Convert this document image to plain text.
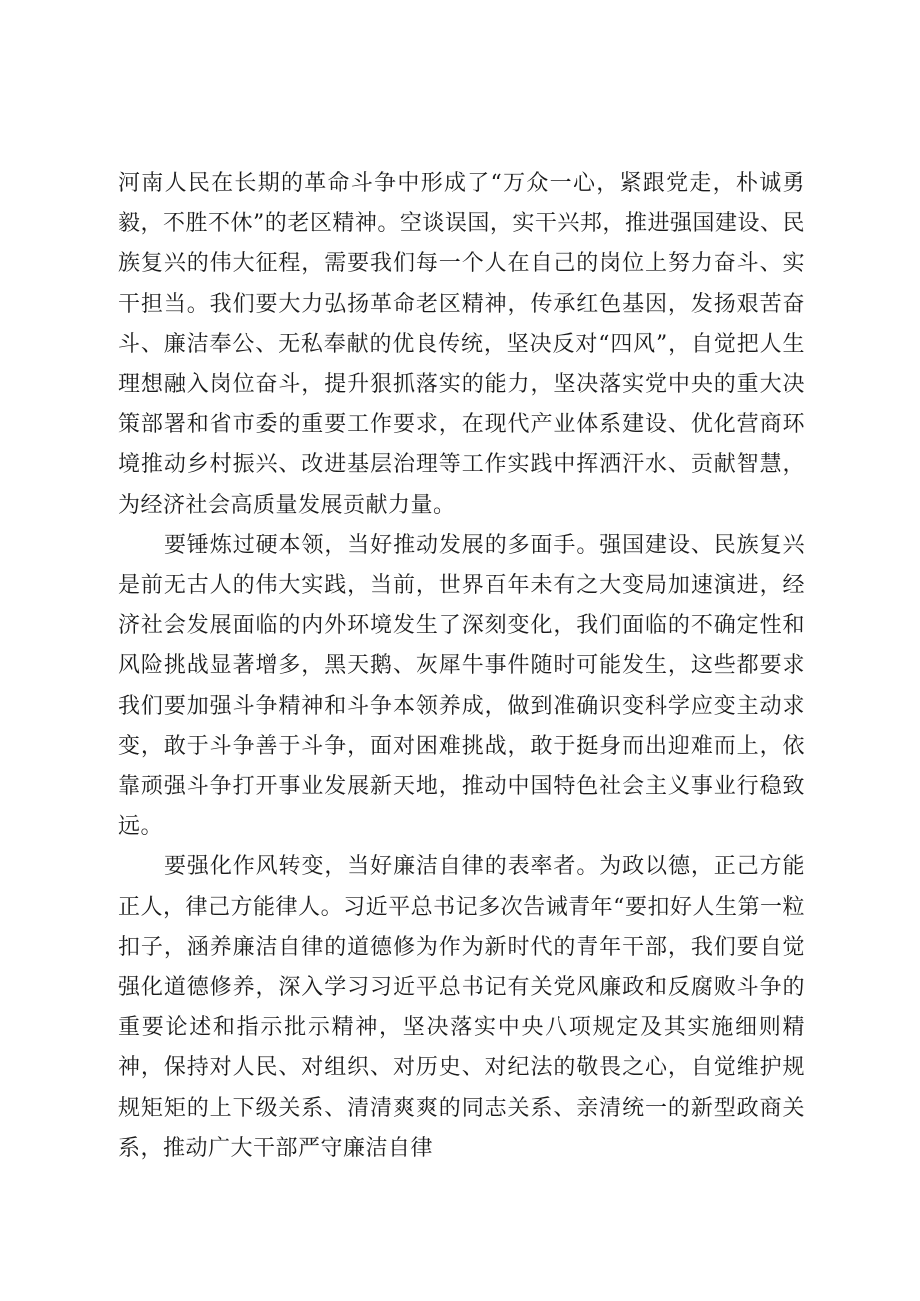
河南人民在长期的革命斗争中形成了“万众一心，紧跟党走，朴诚勇毅，不胜不休”的老区精神。空谈误国，实干兴邦，推进强国建设、民族复兴的伟大征程，需要我们每一个人在自己的岗位上努力奋斗、实干担当。我们要大力弘扬革命老区精神，传承红色基因，发扬艰苦奋斗、廉洁奉公、无私奉献的优良传统，坚决反对“四风”，自觉把人生理想融入岗位奋斗，提升狠抓落实的能力，坚决落实党中央的重大决策部署和省市委的重要工作要求，在现代产业体系建设、优化营商环境推动乡村振兴、改进基层治理等工作实践中挥洒汗水、贡献智慧，为经济社会高质量发展贡献力量。

要锤炼过硬本领，当好推动发展的多面手。强国建设、民族复兴是前无古人的伟大实践，当前，世界百年未有之大变局加速演进，经济社会发展面临的内外环境发生了深刻变化，我们面临的不确定性和风险挑战显著增多，黑天鹅、灰犀牛事件随时可能发生，这些都要求我们要加强斗争精神和斗争本领养成，做到准确识变科学应变主动求变，敢于斗争善于斗争，面对困难挑战，敢于挺身而出迎难而上，依靠顽强斗争打开事业发展新天地，推动中国特色社会主义事业行稳致远。

要强化作风转变，当好廉洁自律的表率者。为政以德，正己方能正人，律己方能律人。习近平总书记多次告诫青年“要扣好人生第一粒扣子，涵养廉洁自律的道德修为作为新时代的青年干部，我们要自觉强化道德修养，深入学习习近平总书记有关党风廉政和反腐败斗争的重要论述和指示批示精神，坚决落实中央八项规定及其实施细则精神，保持对人民、对组织、对历史、对纪法的敬畏之心，自觉维护规规矩矩的上下级关系、清清爽爽的同志关系、亲清统一的新型政商关系，推动广大干部严守廉洁自律
